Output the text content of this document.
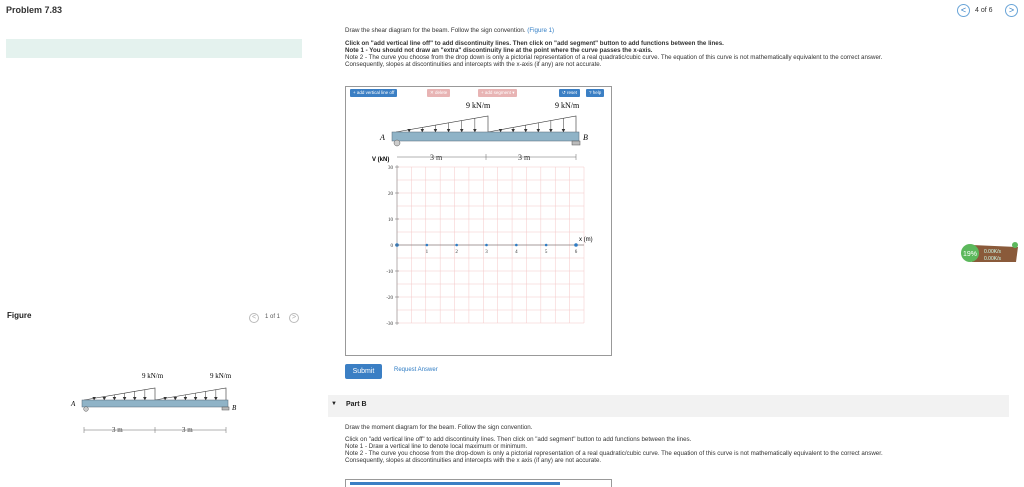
Problem 7.83	<	4 of 6	>
Figure	<	1 of 1	>
9 kN/m	9 kN/m
A	B
3 m	3 m
Draw the shear diagram for the beam. Follow the sign convention. (Figure 1)
Click on "add vertical line off" to add discontinuity lines. Then click on "add segment" button to add functions between the lines.
Note 1 - You should not draw an "extra" discontinuity line at the point where the curve passes the x-axis.
Note 2 - The curve you choose from the drop down is only a pictorial representation of a real quadratic/cubic curve. The equation of this curve is not mathematically equivalent to the correct answer.
Consequently, slopes at discontinuities and intercepts with the x-axis (if any) are not accurate.
+ add vertical line off	✕ delete	+ add segment ▾	↺ reset	? help
9 kN/m	9 kN/m
A	B
3 m	3 m
V (kN)
x (m)
30
20
10
0
-10
-20
-30
1	2	3	4	5	6
Submit	Request Answer
▼ Part B
Draw the moment diagram for the beam. Follow the sign convention.
Click on "add vertical line off" to add discontinuity lines. Then click on "add segment" button to add functions between the lines.
Note 1 - Draw a vertical line to denote local maximum or minimum.
Note 2 - The curve you choose from the drop-down is only a pictorial representation of a real quadratic/cubic curve. The equation of this curve is not mathematically equivalent to the correct answer.
Consequently, slopes at discontinuities and intercepts with the x axis (if any) are not accurate.
19% 0.00K/s
0.00K/s
